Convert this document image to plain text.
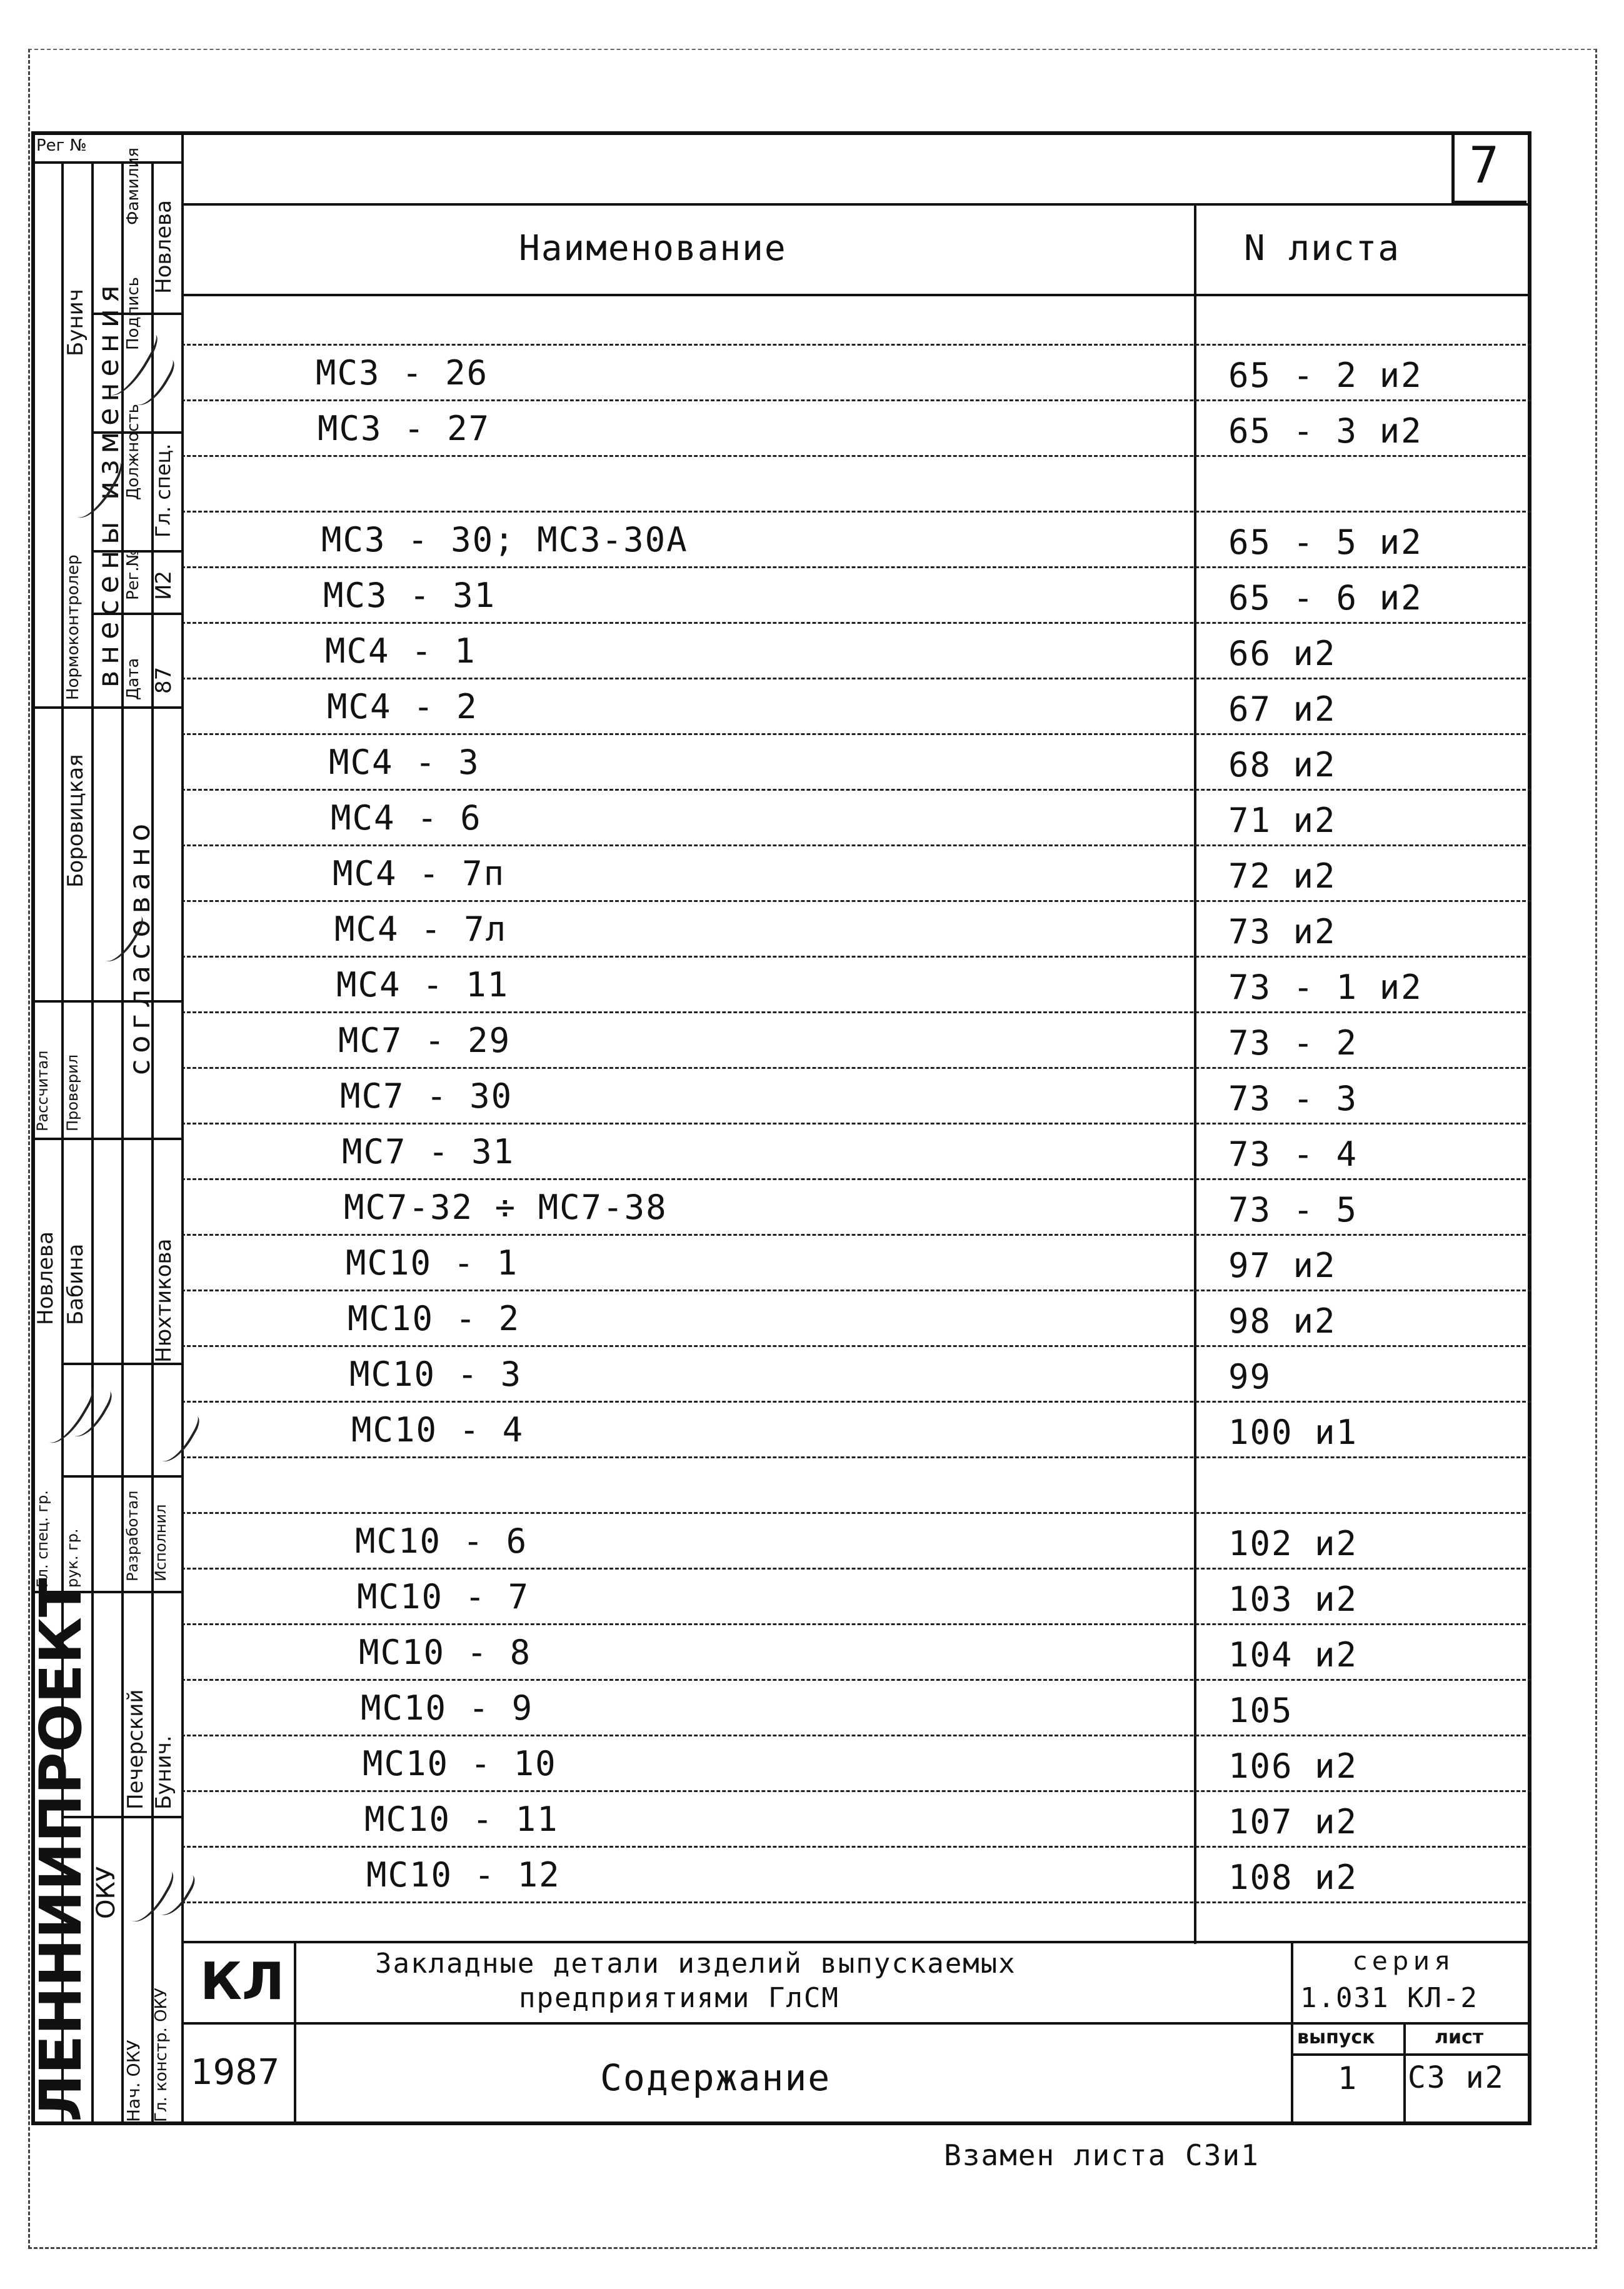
7
Наименование	N листа
МС3 - 26	65 - 2 и2
МС3 - 27	65 - 3 и2
МС3 - 30; МС3-30А	65 - 5 и2
МС3 - 31	65 - 6 и2
МС4 - 1	66 и2
МС4 - 2	67 и2
МС4 - 3	68 и2
МС4 - 6	71 и2
МС4 - 7п	72 и2
МС4 - 7л	73 и2
МС4 - 11	73 - 1 и2
МС7 - 29	73 - 2
МС7 - 30	73 - 3
МС7 - 31	73 - 4
МС7-32 ÷ МС7-38	73 - 5
МС10 - 1	97 и2
МС10 - 2	98 и2
МС10 - 3	99
МС10 - 4	100 и1
МС10 - 6	102 и2
МС10 - 7	103 и2
МС10 - 8	104 и2
МС10 - 9	105
МС10 - 10	106 и2
МС10 - 11	107 и2
МС10 - 12	108 и2
КЛ
1987
Закладные детали изделий выпускаемых
предприятиями ГлСМ
Содержание
серия
1.031 КЛ-2
выпуск
1
лист
С3 и2
Взамен листа С3и1
Рег №
ЛЕННИИПРОЕКТ
внесены изменения
Фамилия
Подпись
Должность
Рег.№
Дата
Новлева
Гл. спец.
И2
87
Нормоконтролер
Бунич
согласовано
Боровицкая
Рассчитал Проверил
Разработал Исполнил
Новлева Бабина	Нюхтикова
Гл. спец. гр. рук. гр.
ОКУ
Нач. ОКУ Гл. констр. ОКУ
Печерский Бунич.
